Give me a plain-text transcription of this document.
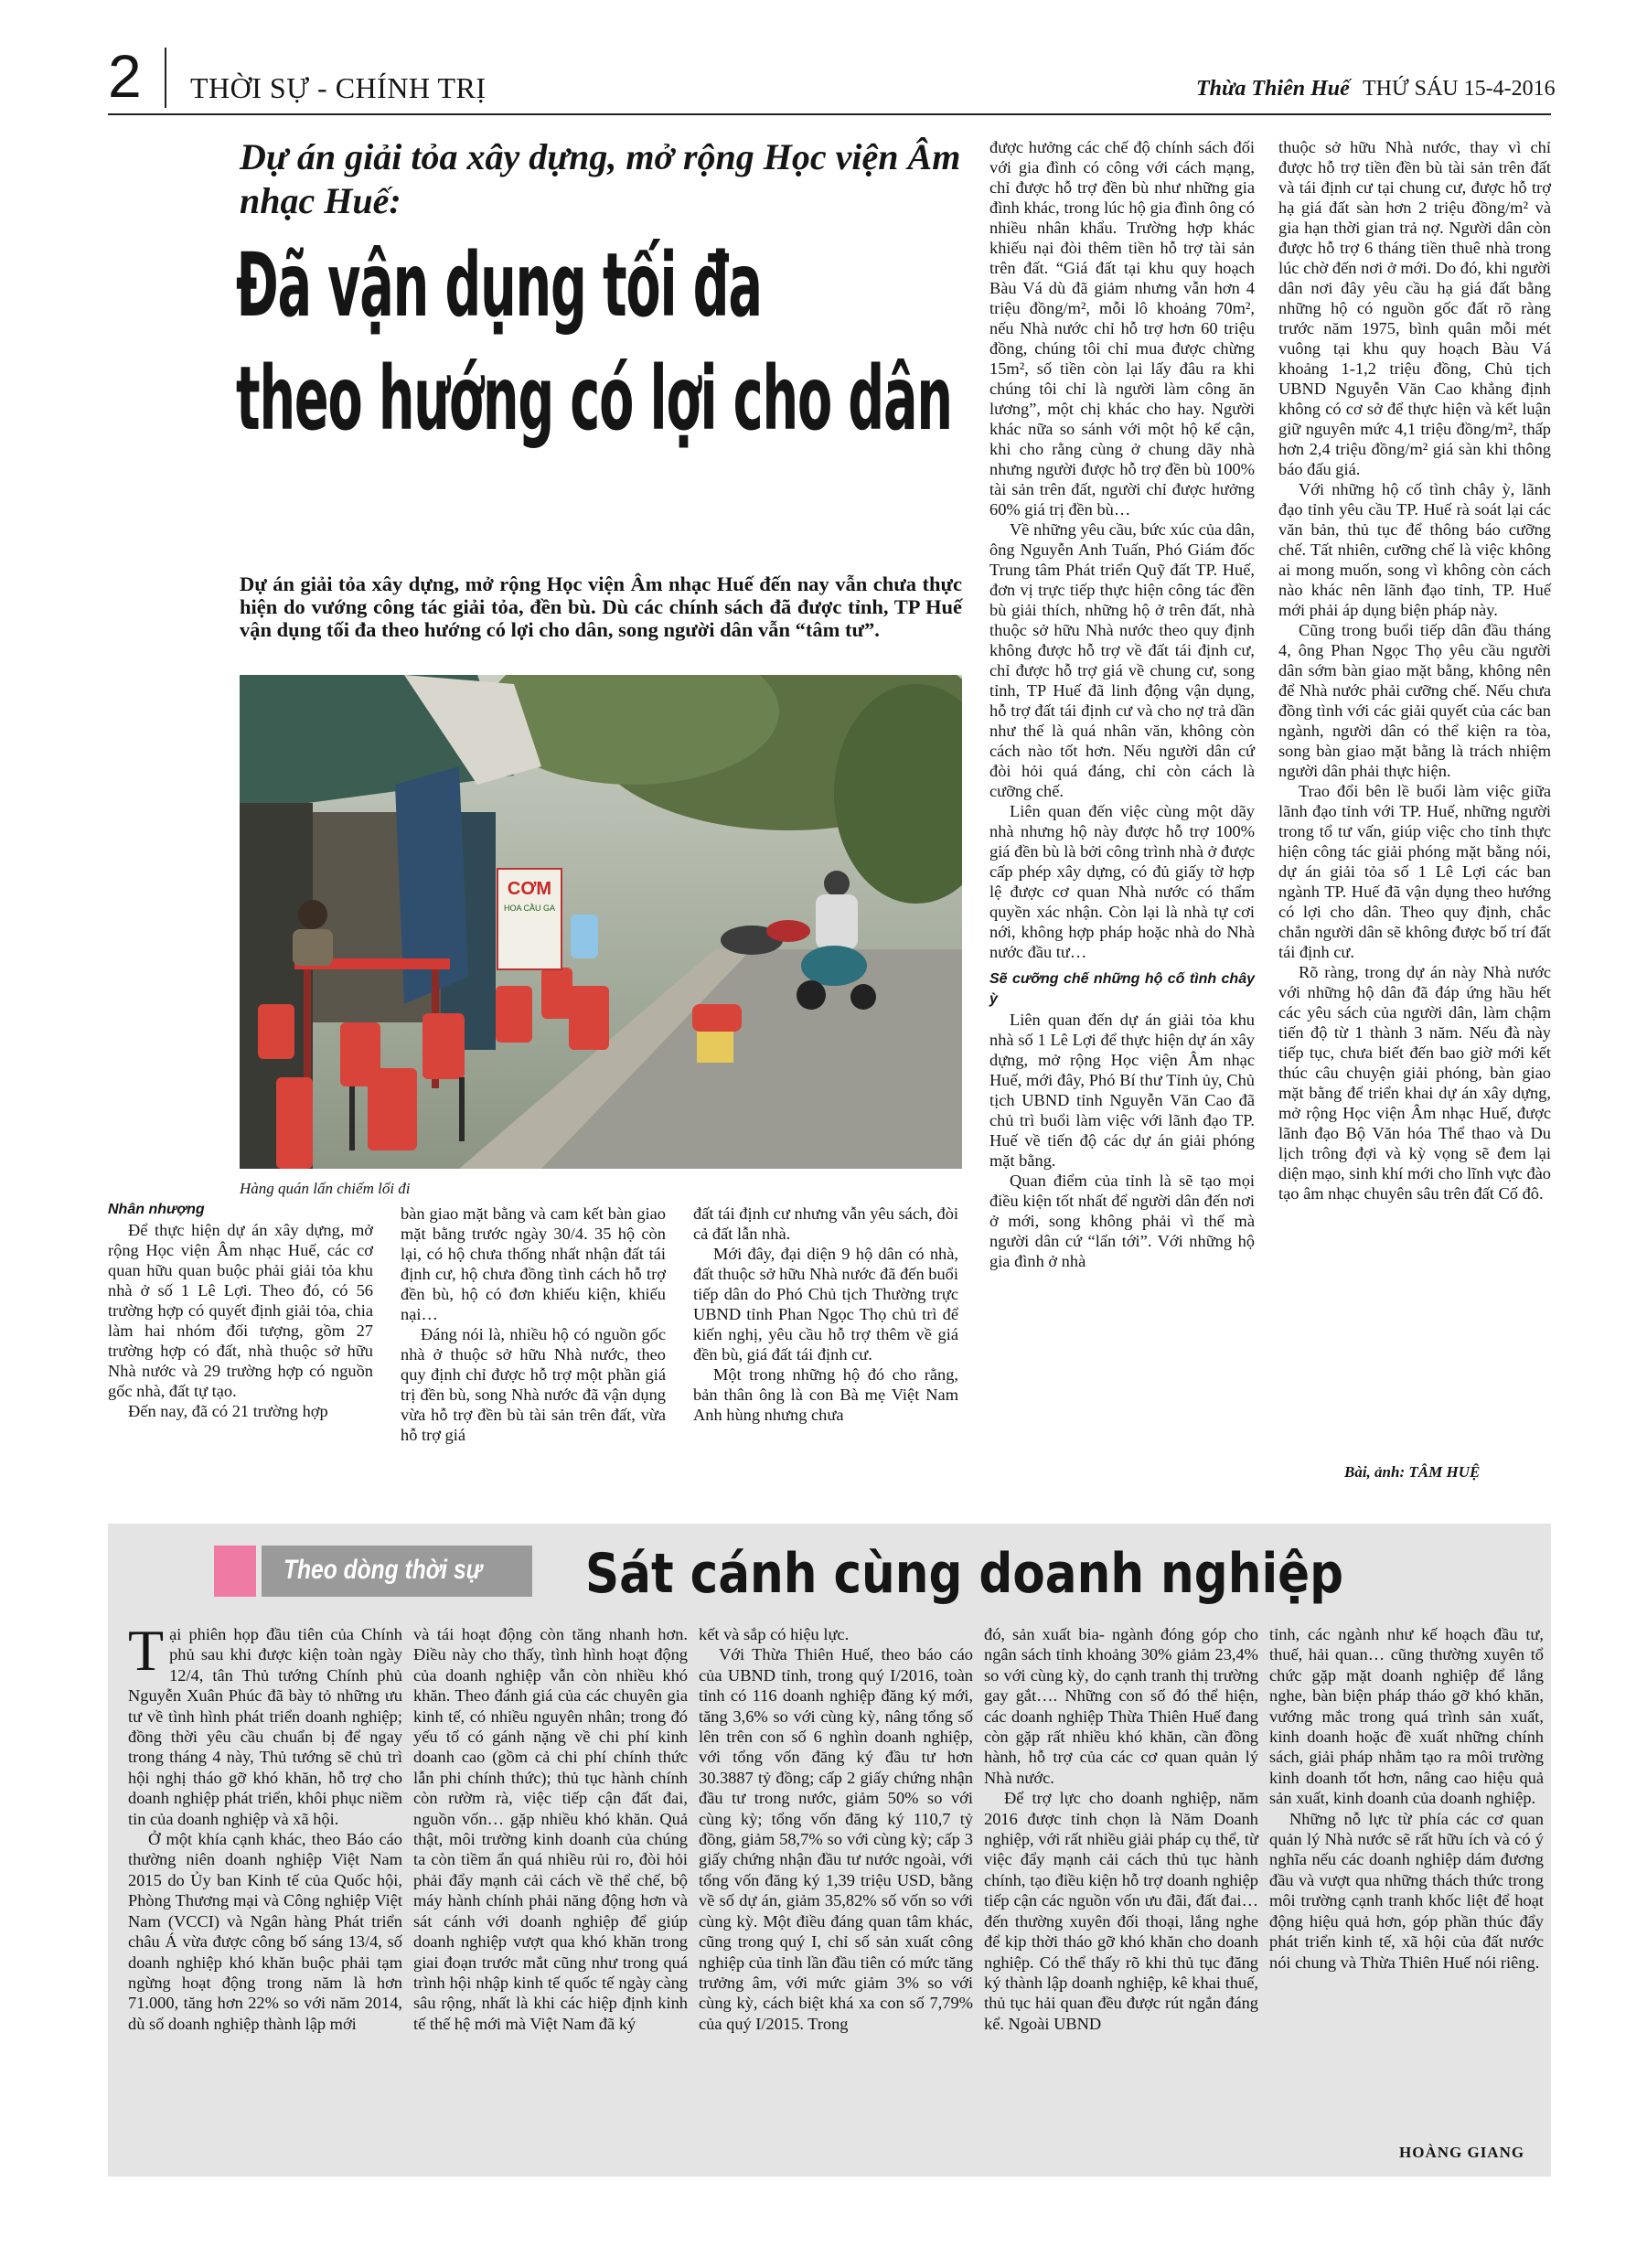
2 THỜI SỰ - CHÍNH TRỊ	Thừa Thiên Huế THỨ SÁU 15-4-2016
Dự án giải tỏa xây dựng, mở rộng Học viện Âm nhạc Huế:
Đã vận dụng tối đa
theo hướng có lợi cho dân
Dự án giải tỏa xây dựng, mở rộng Học viện Âm nhạc Huế đến nay vẫn chưa thực hiện do vướng công tác giải tỏa, đền bù. Dù các chính sách đã được tỉnh, TP Huế vận dụng tối đa theo hướng có lợi cho dân, song người dân vẫn “tâm tư”.
CƠM
HOA CẦU GA
Hàng quán lấn chiếm lối đi

Nhân nhượng

Để thực hiện dự án xây dựng, mở rộng Học viện Âm nhạc Huế, các cơ quan hữu quan buộc phải giải tỏa khu nhà ở số 1 Lê Lợi. Theo đó, có 56 trường hợp có quyết định giải tỏa, chia làm hai nhóm đối tượng, gồm 27 trường hợp có đất, nhà thuộc sở hữu Nhà nước và 29 trường hợp có nguồn gốc nhà, đất tự tạo.

Đến nay, đã có 21 trường hợp

bàn giao mặt bằng và cam kết bàn giao mặt bằng trước ngày 30/4. 35 hộ còn lại, có hộ chưa thống nhất nhận đất tái định cư, hộ chưa đồng tình cách hỗ trợ đền bù, hộ có đơn khiếu kiện, khiếu nại…

Đáng nói là, nhiều hộ có nguồn gốc nhà ở thuộc sở hữu Nhà nước, theo quy định chỉ được hỗ trợ một phần giá trị đền bù, song Nhà nước đã vận dụng vừa hỗ trợ đền bù tài sản trên đất, vừa hỗ trợ giá

đất tái định cư nhưng vẫn yêu sách, đòi cả đất lẫn nhà.

Mới đây, đại diện 9 hộ dân có nhà, đất thuộc sở hữu Nhà nước đã đến buổi tiếp dân do Phó Chủ tịch Thường trực UBND tỉnh Phan Ngọc Thọ chủ trì để kiến nghị, yêu cầu hỗ trợ thêm về giá đền bù, giá đất tái định cư.

Một trong những hộ đó cho rằng, bản thân ông là con Bà mẹ Việt Nam Anh hùng nhưng chưa

được hưởng các chế độ chính sách đối với gia đình có công với cách mạng, chỉ được hỗ trợ đền bù như những gia đình khác, trong lúc hộ gia đình ông có nhiều nhân khẩu. Trường hợp khác khiếu nại đòi thêm tiền hỗ trợ tài sản trên đất. “Giá đất tại khu quy hoạch Bàu Vá dù đã giảm nhưng vẫn hơn 4 triệu đồng/m², mỗi lô khoảng 70m², nếu Nhà nước chỉ hỗ trợ hơn 60 triệu đồng, chúng tôi chỉ mua được chừng 15m², số tiền còn lại lấy đâu ra khi chúng tôi chỉ là người làm công ăn lương”, một chị khác cho hay. Người khác nữa so sánh với một hộ kế cận, khi cho rằng cùng ở chung dãy nhà nhưng người được hỗ trợ đền bù 100% tài sản trên đất, người chỉ được hưởng 60% giá trị đền bù…

Về những yêu cầu, bức xúc của dân, ông Nguyễn Anh Tuấn, Phó Giám đốc Trung tâm Phát triển Quỹ đất TP. Huế, đơn vị trực tiếp thực hiện công tác đền bù giải thích, những hộ ở trên đất, nhà thuộc sở hữu Nhà nước theo quy định không được hỗ trợ về đất tái định cư, chỉ được hỗ trợ giá về chung cư, song tỉnh, TP Huế đã linh động vận dụng, hỗ trợ đất tái định cư và cho nợ trả dần như thế là quá nhân văn, không còn cách nào tốt hơn. Nếu người dân cứ đòi hỏi quá đáng, chỉ còn cách là cưỡng chế.

Liên quan đến việc cùng một dãy nhà nhưng hộ này được hỗ trợ 100% giá đền bù là bởi công trình nhà ở được cấp phép xây dựng, có đủ giấy tờ hợp lệ được cơ quan Nhà nước có thẩm quyền xác nhận. Còn lại là nhà tự cơi nới, không hợp pháp hoặc nhà do Nhà nước đầu tư…

Sẽ cưỡng chế những hộ cố tình chây ỳ

Liên quan đến dự án giải tỏa khu nhà số 1 Lê Lợi để thực hiện dự án xây dựng, mở rộng Học viện Âm nhạc Huế, mới đây, Phó Bí thư Tỉnh ủy, Chủ tịch UBND tỉnh Nguyễn Văn Cao đã chủ trì buổi làm việc với lãnh đạo TP. Huế về tiến độ các dự án giải phóng mặt bằng.

Quan điểm của tỉnh là sẽ tạo mọi điều kiện tốt nhất để người dân đến nơi ở mới, song không phải vì thế mà người dân cứ “lấn tới”. Với những hộ gia đình ở nhà

thuộc sở hữu Nhà nước, thay vì chỉ được hỗ trợ tiền đền bù tài sản trên đất và tái định cư tại chung cư, được hỗ trợ hạ giá đất sàn hơn 2 triệu đồng/m² và gia hạn thời gian trả nợ. Người dân còn được hỗ trợ 6 tháng tiền thuê nhà trong lúc chờ đến nơi ở mới. Do đó, khi người dân nơi đây yêu cầu hạ giá đất bằng những hộ có nguồn gốc đất rõ ràng trước năm 1975, bình quân mỗi mét vuông tại khu quy hoạch Bàu Vá khoảng 1-1,2 triệu đồng, Chủ tịch UBND Nguyễn Văn Cao khẳng định không có cơ sở để thực hiện và kết luận giữ nguyên mức 4,1 triệu đồng/m², thấp hơn 2,4 triệu đồng/m² giá sàn khi thông báo đấu giá.

Với những hộ cố tình chây ỳ, lãnh đạo tỉnh yêu cầu TP. Huế rà soát lại các văn bản, thủ tục để thông báo cưỡng chế. Tất nhiên, cưỡng chế là việc không ai mong muốn, song vì không còn cách nào khác nên lãnh đạo tỉnh, TP. Huế mới phải áp dụng biện pháp này.

Cũng trong buổi tiếp dân đầu tháng 4, ông Phan Ngọc Thọ yêu cầu người dân sớm bàn giao mặt bằng, không nên để Nhà nước phải cưỡng chế. Nếu chưa đồng tình với các giải quyết của các ban ngành, người dân có thể kiện ra tòa, song bàn giao mặt bằng là trách nhiệm người dân phải thực hiện.

Trao đổi bên lề buổi làm việc giữa lãnh đạo tỉnh với TP. Huế, những người trong tổ tư vấn, giúp việc cho tỉnh thực hiện công tác giải phóng mặt bằng nói, dự án giải tỏa số 1 Lê Lợi các ban ngành TP. Huế đã vận dụng theo hướng có lợi cho dân. Theo quy định, chắc chắn người dân sẽ không được bố trí đất tái định cư.

Rõ ràng, trong dự án này Nhà nước với những hộ dân đã đáp ứng hầu hết các yêu sách của người dân, làm chậm tiến độ từ 1 thành 3 năm. Nếu đà này tiếp tục, chưa biết đến bao giờ mới kết thúc câu chuyện giải phóng, bàn giao mặt bằng để triển khai dự án xây dựng, mở rộng Học viện Âm nhạc Huế, được lãnh đạo Bộ Văn hóa Thể thao và Du lịch trông đợi và kỳ vọng sẽ đem lại diện mạo, sinh khí mới cho lĩnh vực đào tạo âm nhạc chuyên sâu trên đất Cố đô.

Bài, ảnh: TÂM HUỆ
Theo dòng thời sự Sát cánh cùng doanh nghiệp

Tại phiên họp đầu tiên của Chính phủ sau khi được kiện toàn ngày 12/4, tân Thủ tướng Chính phủ Nguyễn Xuân Phúc đã bày tỏ những ưu tư về tình hình phát triển doanh nghiệp; đồng thời yêu cầu chuẩn bị để ngay trong tháng 4 này, Thủ tướng sẽ chủ trì hội nghị tháo gỡ khó khăn, hỗ trợ cho doanh nghiệp phát triển, khôi phục niềm tin của doanh nghiệp và xã hội.

Ở một khía cạnh khác, theo Báo cáo thường niên doanh nghiệp Việt Nam 2015 do Ủy ban Kinh tế của Quốc hội, Phòng Thương mại và Công nghiệp Việt Nam (VCCI) và Ngân hàng Phát triển châu Á vừa được công bố sáng 13/4, số doanh nghiệp khó khăn buộc phải tạm ngừng hoạt động trong năm là hơn 71.000, tăng hơn 22% so với năm 2014, dù số doanh nghiệp thành lập mới

và tái hoạt động còn tăng nhanh hơn. Điều này cho thấy, tình hình hoạt động của doanh nghiệp vẫn còn nhiều khó khăn. Theo đánh giá của các chuyên gia kinh tế, có nhiều nguyên nhân; trong đó yếu tố có gánh nặng về chi phí kinh doanh cao (gồm cả chi phí chính thức lẫn phi chính thức); thủ tục hành chính còn rườm rà, việc tiếp cận đất đai, nguồn vốn… gặp nhiều khó khăn. Quả thật, môi trường kinh doanh của chúng ta còn tiềm ẩn quá nhiều rủi ro, đòi hỏi phải đẩy mạnh cải cách về thể chế, bộ máy hành chính phải năng động hơn và sát cánh với doanh nghiệp để giúp doanh nghiệp vượt qua khó khăn trong giai đoạn trước mắt cũng như trong quá trình hội nhập kinh tế quốc tế ngày càng sâu rộng, nhất là khi các hiệp định kinh tế thế hệ mới mà Việt Nam đã ký

kết và sắp có hiệu lực.

Với Thừa Thiên Huế, theo báo cáo của UBND tỉnh, trong quý I/2016, toàn tỉnh có 116 doanh nghiệp đăng ký mới, tăng 3,6% so với cùng kỳ, nâng tổng số lên trên con số 6 nghìn doanh nghiệp, với tổng vốn đăng ký đầu tư hơn 30.3887 tỷ đồng; cấp 2 giấy chứng nhận đầu tư trong nước, giảm 50% so với cùng kỳ; tổng vốn đăng ký 110,7 tỷ đồng, giảm 58,7% so với cùng kỳ; cấp 3 giấy chứng nhận đầu tư nước ngoài, với tổng vốn đăng ký 1,39 triệu USD, bằng về số dự án, giảm 35,82% số vốn so với cùng kỳ. Một điều đáng quan tâm khác, cũng trong quý I, chỉ số sản xuất công nghiệp của tỉnh lần đầu tiên có mức tăng trưởng âm, với mức giảm 3% so với cùng kỳ, cách biệt khá xa con số 7,79% của quý I/2015. Trong

đó, sản xuất bia- ngành đóng góp cho ngân sách tỉnh khoảng 30% giảm 23,4% so với cùng kỳ, do cạnh tranh thị trường gay gắt…. Những con số đó thể hiện, các doanh nghiệp Thừa Thiên Huế đang còn gặp rất nhiều khó khăn, cần đồng hành, hỗ trợ của các cơ quan quản lý Nhà nước.

Để trợ lực cho doanh nghiệp, năm 2016 được tỉnh chọn là Năm Doanh nghiệp, với rất nhiều giải pháp cụ thể, từ việc đẩy mạnh cải cách thủ tục hành chính, tạo điều kiện hỗ trợ doanh nghiệp tiếp cận các nguồn vốn ưu đãi, đất đai… đến thường xuyên đối thoại, lắng nghe để kịp thời tháo gỡ khó khăn cho doanh nghiệp. Có thể thấy rõ khi thủ tục đăng ký thành lập doanh nghiệp, kê khai thuế, thủ tục hải quan đều được rút ngắn đáng kể. Ngoài UBND

tỉnh, các ngành như kế hoạch đầu tư, thuế, hải quan… cũng thường xuyên tổ chức gặp mặt doanh nghiệp để lắng nghe, bàn biện pháp tháo gỡ khó khăn, vướng mắc trong quá trình sản xuất, kinh doanh hoặc đề xuất những chính sách, giải pháp nhằm tạo ra môi trường kinh doanh tốt hơn, nâng cao hiệu quả sản xuất, kinh doanh của doanh nghiệp.

Những nỗ lực từ phía các cơ quan quản lý Nhà nước sẽ rất hữu ích và có ý nghĩa nếu các doanh nghiệp dám đương đầu và vượt qua những thách thức trong môi trường cạnh tranh khốc liệt để hoạt động hiệu quả hơn, góp phần thúc đẩy phát triển kinh tế, xã hội của đất nước nói chung và Thừa Thiên Huế nói riêng.

HOÀNG GIANG
